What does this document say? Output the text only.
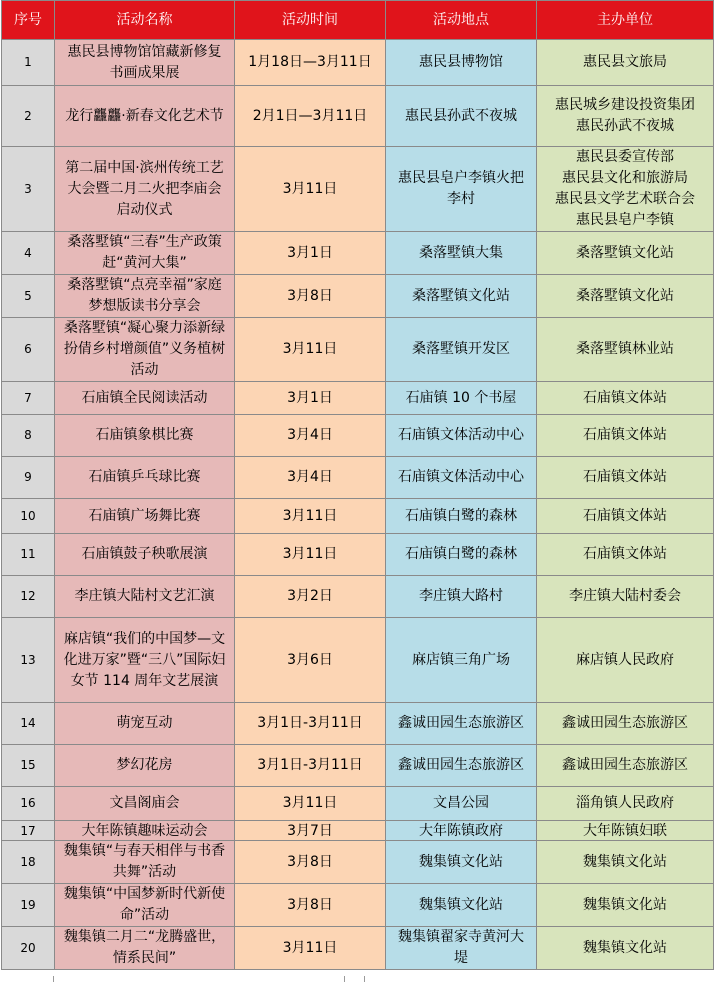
序号	活动名称	活动时间	活动地点	主办单位
1	惠民县博物馆馆藏新修复书画成果展	1月18日—3月11日	惠民县博物馆	惠民县文旅局
2	龙行龘龘·新春文化艺术节	2月1日—3月11日	惠民县孙武不夜城	惠民城乡建设投资集团
惠民孙武不夜城
3	第二届中国·滨州传统工艺大会暨二月二火把李庙会启动仪式	3月11日	惠民县皂户李镇火把李村	惠民县委宣传部
惠民县文化和旅游局
惠民县文学艺术联合会
惠民县皂户李镇
4	桑落墅镇“三春”生产政策赶“黄河大集”	3月1日	桑落墅镇大集	桑落墅镇文化站
5	桑落墅镇“点亮幸福”家庭梦想版读书分享会	3月8日	桑落墅镇文化站	桑落墅镇文化站
6	桑落墅镇“凝心聚力添新绿 扮倩乡村增颜值”义务植树活动	3月11日	桑落墅镇开发区	桑落墅镇林业站
7	石庙镇全民阅读活动	3月1日	石庙镇 10 个书屋	石庙镇文体站
8	石庙镇象棋比赛	3月4日	石庙镇文体活动中心	石庙镇文体站
9	石庙镇乒乓球比赛	3月4日	石庙镇文体活动中心	石庙镇文体站
10	石庙镇广场舞比赛	3月11日	石庙镇白鹭的森林	石庙镇文体站
11	石庙镇鼓子秧歌展演	3月11日	石庙镇白鹭的森林	石庙镇文体站
12	李庄镇大陆村文艺汇演	3月2日	李庄镇大路村	李庄镇大陆村委会
13	麻店镇“我们的中国梦—文化进万家”暨“三八”国际妇女节 114 周年文艺展演	3月6日	麻店镇三角广场	麻店镇人民政府
14	萌宠互动	3月1日-3月11日	鑫诚田园生态旅游区	鑫诚田园生态旅游区
15	梦幻花房	3月1日-3月11日	鑫诚田园生态旅游区	鑫诚田园生态旅游区
16	文昌阁庙会	3月11日	文昌公园	淄角镇人民政府
17	大年陈镇趣味运动会	3月7日	大年陈镇政府	大年陈镇妇联
18	魏集镇“与春天相伴与书香共舞”活动	3月8日	魏集镇文化站	魏集镇文化站
19	魏集镇“中国梦新时代新使命”活动	3月8日	魏集镇文化站	魏集镇文化站
20	魏集镇二月二“龙腾盛世，情系民间”	3月11日	魏集镇翟家寺黄河大堤	魏集镇文化站
